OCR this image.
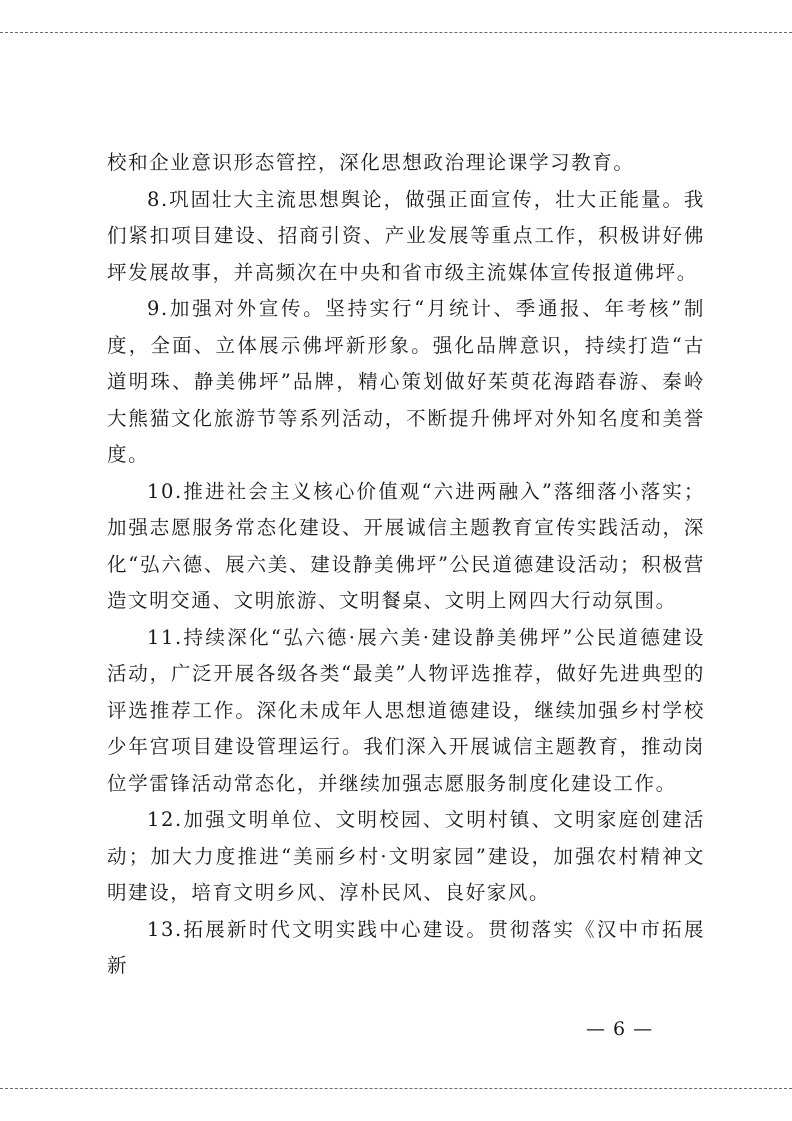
校和企业意识形态管控，深化思想政治理论课学习教育。

8.巩固壮大主流思想舆论，做强正面宣传，壮大正能量。我们紧扣项目建设、招商引资、产业发展等重点工作，积极讲好佛坪发展故事，并高频次在中央和省市级主流媒体宣传报道佛坪。

9.加强对外宣传。坚持实行“月统计、季通报、年考核”制度，全面、立体展示佛坪新形象。强化品牌意识，持续打造“古道明珠、静美佛坪”品牌，精心策划做好茱萸花海踏春游、秦岭大熊猫文化旅游节等系列活动，不断提升佛坪对外知名度和美誉度。

10.推进社会主义核心价值观“六进两融入”落细落小落实；加强志愿服务常态化建设、开展诚信主题教育宣传实践活动，深化“弘六德、展六美、建设静美佛坪”公民道德建设活动；积极营造文明交通、文明旅游、文明餐桌、文明上网四大行动氛围。

11.持续深化“弘六德·展六美·建设静美佛坪”公民道德建设活动，广泛开展各级各类“最美”人物评选推荐，做好先进典型的评选推荐工作。深化未成年人思想道德建设，继续加强乡村学校少年宫项目建设管理运行。我们深入开展诚信主题教育，推动岗位学雷锋活动常态化，并继续加强志愿服务制度化建设工作。

12.加强文明单位、文明校园、文明村镇、文明家庭创建活动；加大力度推进“美丽乡村·文明家园”建设，加强农村精神文明建设，培育文明乡风、淳朴民风、良好家风。

13.拓展新时代文明实践中心建设。贯彻落实《汉中市拓展新

— 6 —
